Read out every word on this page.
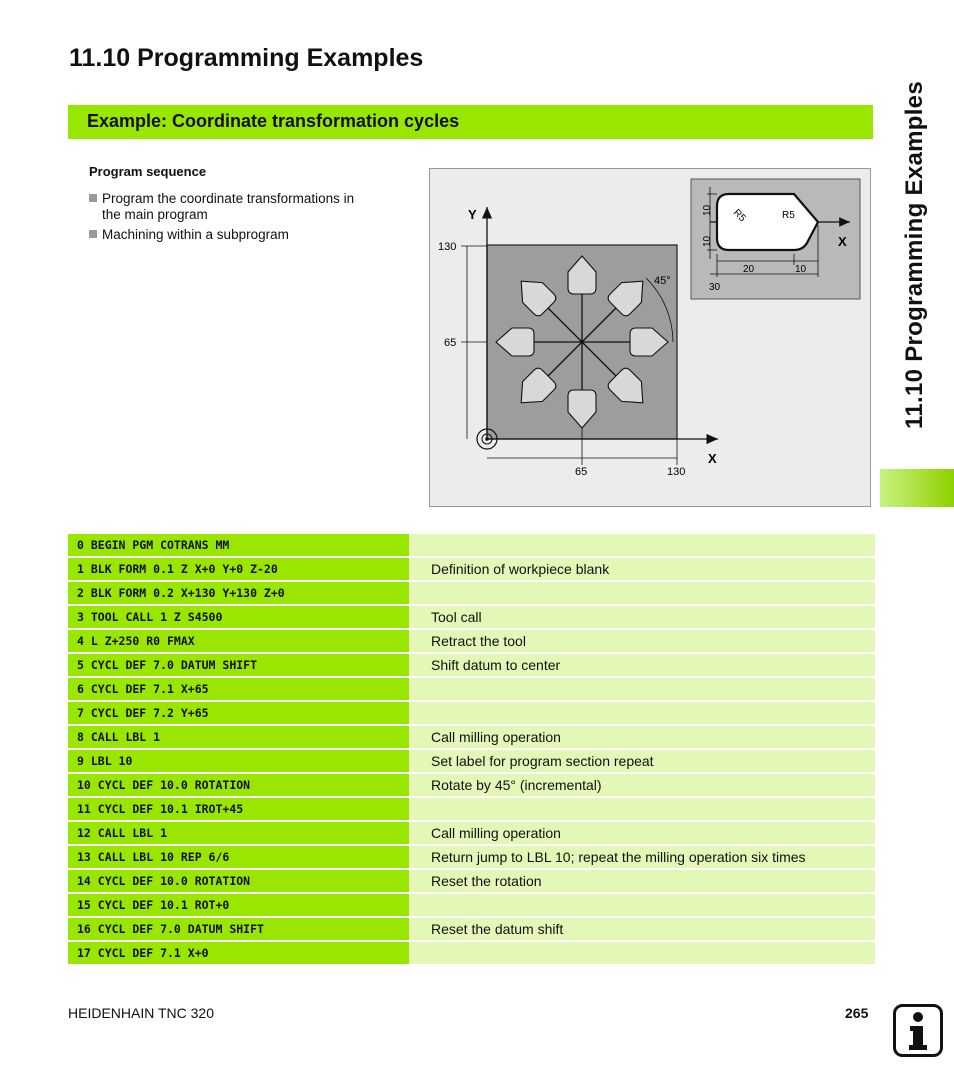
11.10 Programming Examples
Example: Coordinate transformation cycles
Program sequence
Program the coordinate transformations in
the main program
Machining within a subprogram
Y
X
130
65
65	130
45°
X
10
10
R5	R5
20	10
30	11.10 Programming Examples
0 BEGIN PGM COTRANS MM
1 BLK FORM 0.1 Z X+0 Y+0 Z-20	Definition of workpiece blank
2 BLK FORM 0.2 X+130 Y+130 Z+0
3 TOOL CALL 1 Z S4500	Tool call
4 L Z+250 R0 FMAX	Retract the tool
5 CYCL DEF 7.0 DATUM SHIFT	Shift datum to center
6 CYCL DEF 7.1 X+65
7 CYCL DEF 7.2 Y+65
8 CALL LBL 1	Call milling operation
9 LBL 10	Set label for program section repeat
10 CYCL DEF 10.0 ROTATION	Rotate by 45° (incremental)
11 CYCL DEF 10.1 IROT+45
12 CALL LBL 1	Call milling operation
13 CALL LBL 10 REP 6/6	Return jump to LBL 10; repeat the milling operation six times
14 CYCL DEF 10.0 ROTATION	Reset the rotation
15 CYCL DEF 10.1 ROT+0
16 CYCL DEF 7.0 DATUM SHIFT	Reset the datum shift
17 CYCL DEF 7.1 X+0
HEIDENHAIN TNC 320	265
